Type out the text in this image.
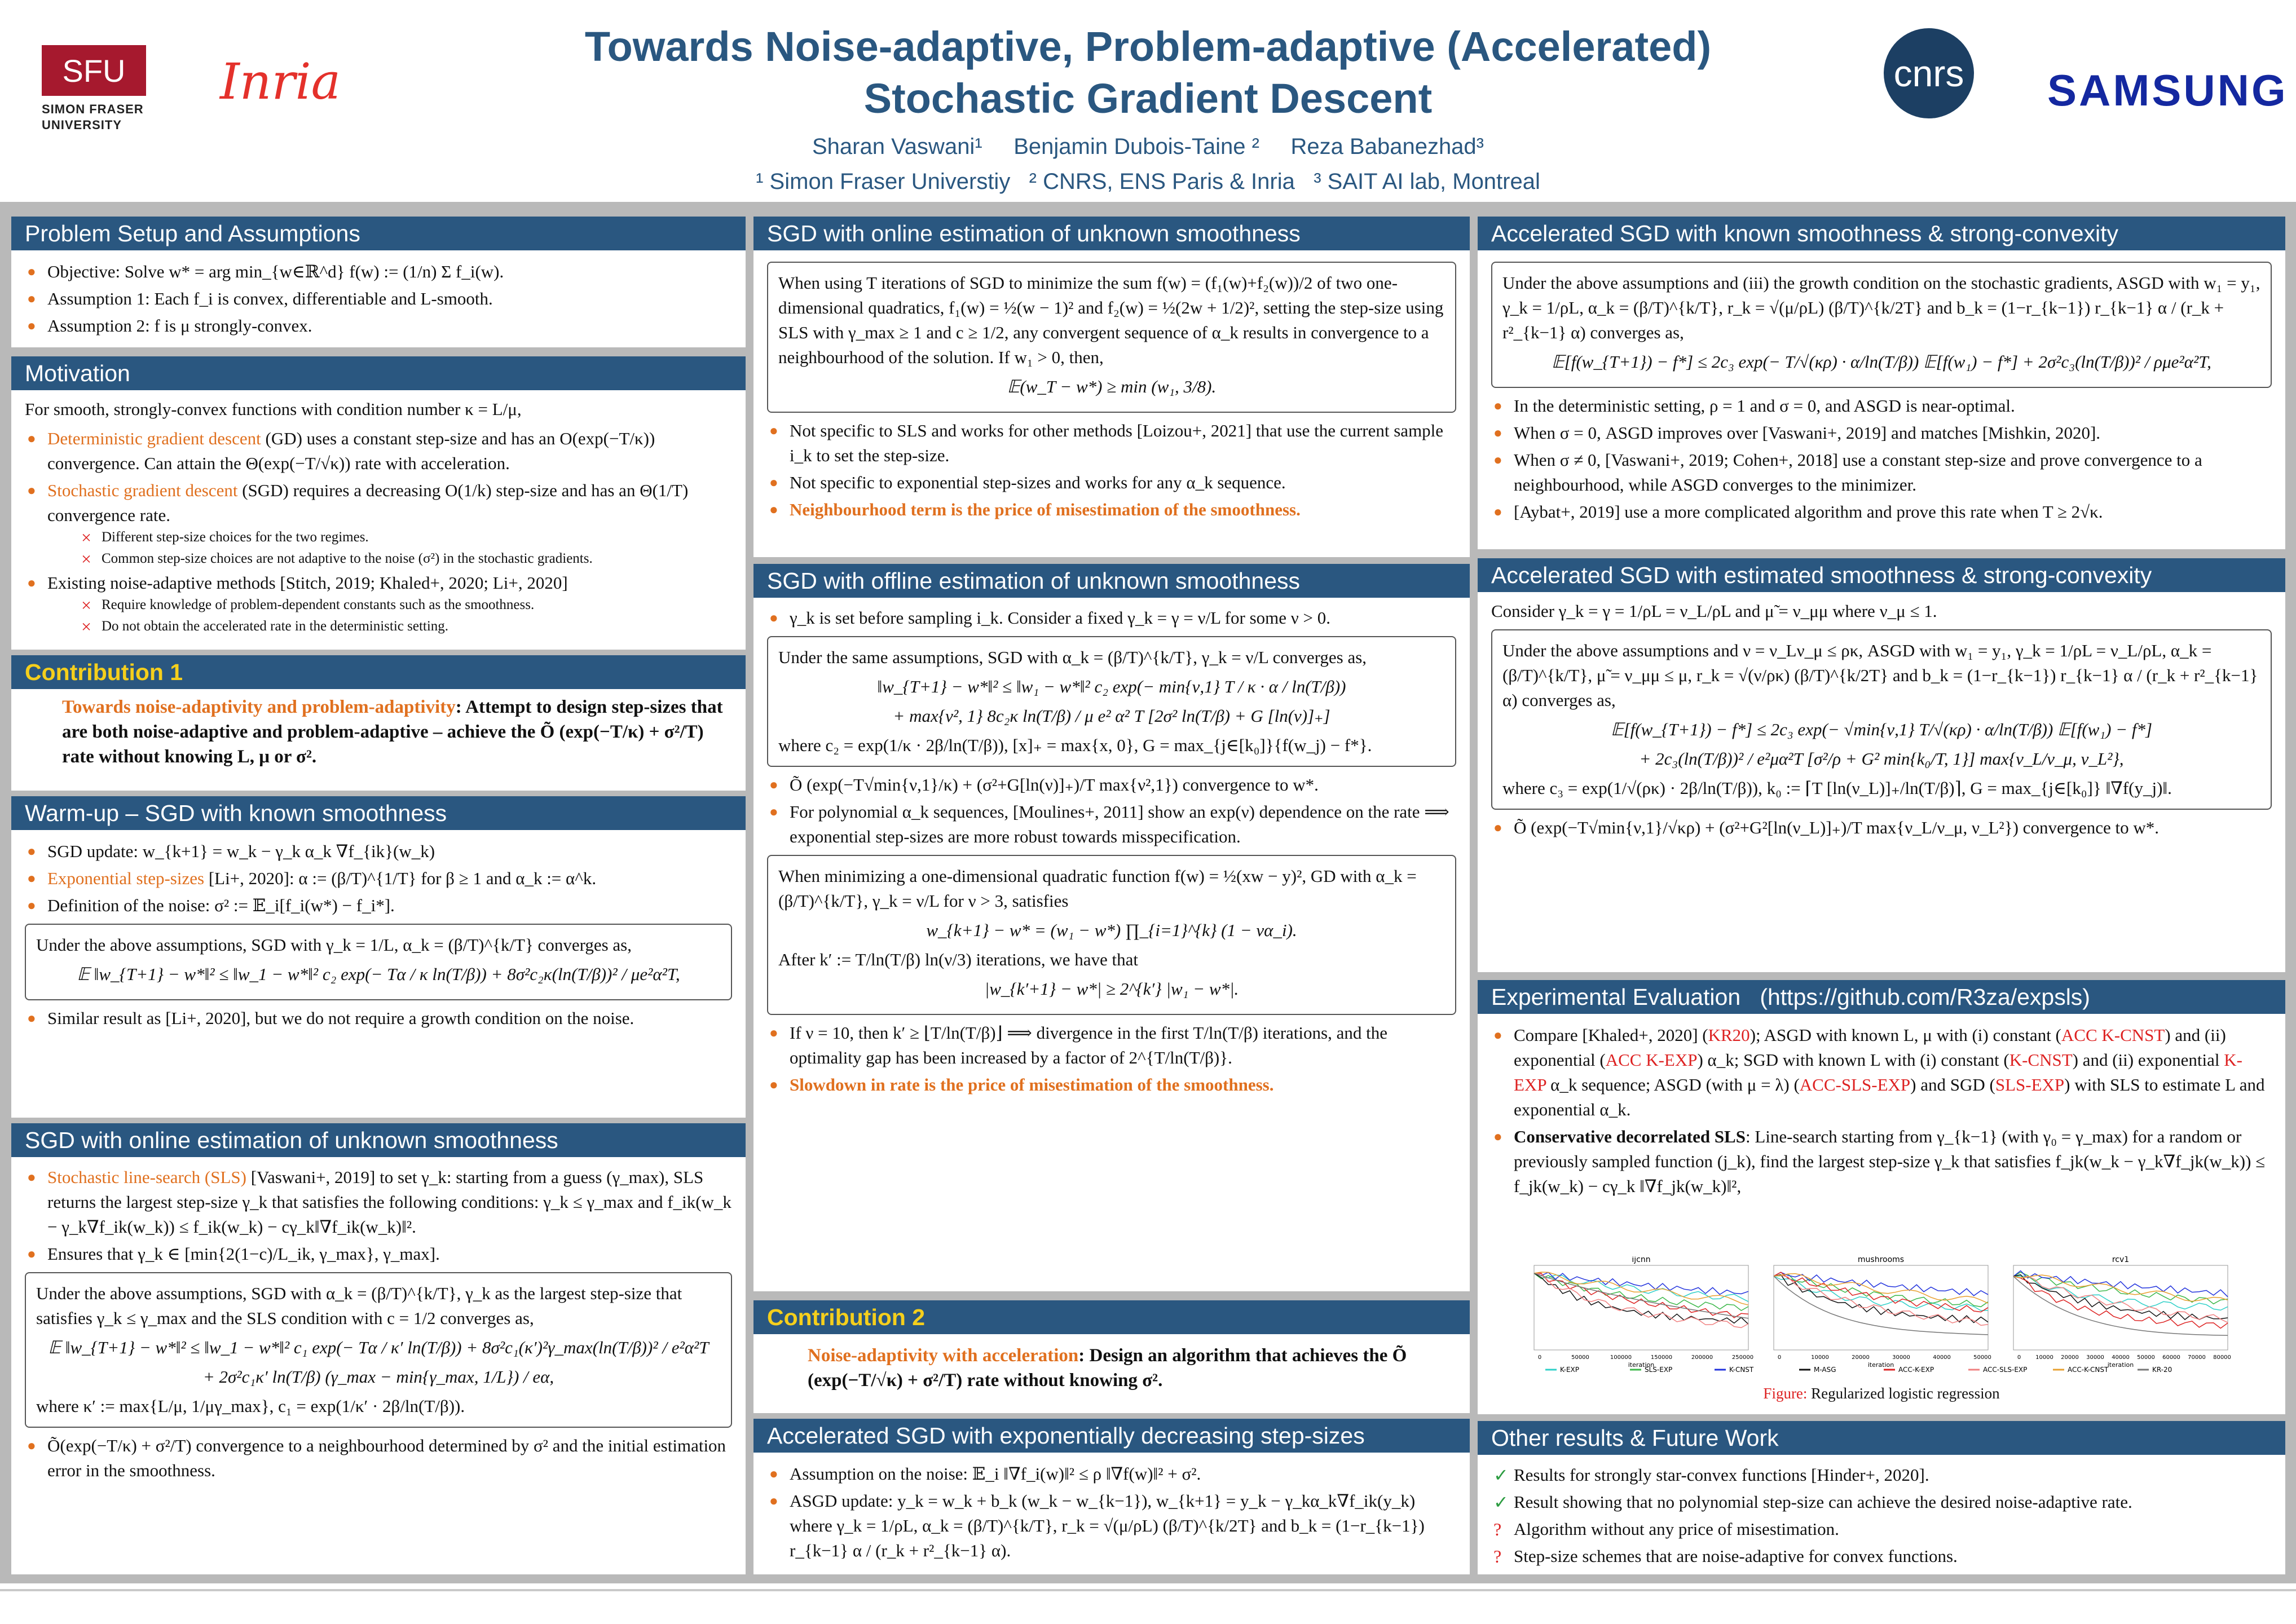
SFU
SIMON FRASER
UNIVERSITY
Inria
Towards Noise-adaptive, Problem-adaptive (Accelerated)
Stochastic Gradient Descent
Sharan Vaswani¹     Benjamin Dubois-Taine ²     Reza Babanezhad³
¹ Simon Fraser Universtiy   ² CNRS, ENS Paris & Inria   ³ SAIT AI lab, Montreal
cnrs SAMSUNG
Problem Setup and Assumptions
● Objective: Solve w* = arg min_{w∈ℝ^d} f(w) := (1/n) Σ f_i(w).
● Assumption 1: Each f_i is convex, differentiable and L-smooth.
● Assumption 2: f is μ strongly-convex.
Motivation

For smooth, strongly-convex functions with condition number κ = L/μ,

● Deterministic gradient descent (GD) uses a constant step-size and has an O(exp(−T/κ)) convergence. Can attain the Θ(exp(−T/√κ)) rate with acceleration.
● Stochastic gradient descent (SGD) requires a decreasing O(1/k) step-size and has an Θ(1/T) convergence rate.
× Different step-size choices for the two regimes.
× Common step-size choices are not adaptive to the noise (σ²) in the stochastic gradients.
● Existing noise-adaptive methods [Stitch, 2019; Khaled+, 2020; Li+, 2020]
× Require knowledge of problem-dependent constants such as the smoothness.
× Do not obtain the accelerated rate in the deterministic setting.
Contribution 1
Towards noise-adaptivity and problem-adaptivity: Attempt to design step-sizes that are both noise-adaptive and problem-adaptive – achieve the Õ (exp(−T/κ) + σ²/T) rate without knowing L, μ or σ².
Warm-up – SGD with known smoothness
● SGD update: w_{k+1} = w_k − γ_k α_k ∇f_{ik}(w_k)
● Exponential step-sizes [Li+, 2020]: α := (β/T)^{1/T} for β ≥ 1 and α_k := α^k.
● Definition of the noise: σ² := 𝔼_i[f_i(w*) − f_i*].
Under the above assumptions, SGD with γ_k = 1/L, α_k = (β/T)^{k/T} converges as,
𝔼 ‖w_{T+1} − w*‖² ≤ ‖w_1 − w*‖² c₂ exp(− Tα / κ ln(T/β)) + 8σ²c₂κ(ln(T/β))² / μe²α²T,
● Similar result as [Li+, 2020], but we do not require a growth condition on the noise.
SGD with online estimation of unknown smoothness
● Stochastic line-search (SLS) [Vaswani+, 2019] to set γ_k: starting from a guess (γ_max), SLS returns the largest step-size γ_k that satisfies the following conditions: γ_k ≤ γ_max and f_ik(w_k − γ_k∇f_ik(w_k)) ≤ f_ik(w_k) − cγ_k‖∇f_ik(w_k)‖².
● Ensures that γ_k ∈ [min{2(1−c)/L_ik, γ_max}, γ_max].
Under the above assumptions, SGD with α_k = (β/T)^{k/T}, γ_k as the largest step-size that satisfies γ_k ≤ γ_max and the SLS condition with c = 1/2 converges as,
𝔼 ‖w_{T+1} − w*‖² ≤ ‖w_1 − w*‖² c₁ exp(− Tα / κ′ ln(T/β)) + 8σ²c₁(κ′)²γ_max(ln(T/β))² / e²α²T
+ 2σ²c₁κ′ ln(T/β) (γ_max − min{γ_max, 1/L}) / eα,
where κ′ := max{L/μ, 1/μγ_max}, c₁ = exp(1/κ′ · 2β/ln(T/β)).
● Õ(exp(−T/κ) + σ²/T) convergence to a neighbourhood determined by σ² and the initial estimation error in the smoothness.
SGD with online estimation of unknown smoothness
When using T iterations of SGD to minimize the sum f(w) = (f₁(w)+f₂(w))/2 of two one-dimensional quadratics, f₁(w) = ½(w − 1)² and f₂(w) = ½(2w + 1/2)², setting the step-size using SLS with γ_max ≥ 1 and c ≥ 1/2, any convergent sequence of α_k results in convergence to a neighbourhood of the solution. If w₁ > 0, then,
𝔼(w_T − w*) ≥ min (w₁, 3/8).
● Not specific to SLS and works for other methods [Loizou+, 2021] that use the current sample i_k to set the step-size.
● Not specific to exponential step-sizes and works for any α_k sequence.
● Neighbourhood term is the price of misestimation of the smoothness.
SGD with offline estimation of unknown smoothness
● γ_k is set before sampling i_k. Consider a fixed γ_k = γ = ν/L for some ν > 0.
Under the same assumptions, SGD with α_k = (β/T)^{k/T}, γ_k = ν/L converges as,
‖w_{T+1} − w*‖² ≤ ‖w₁ − w*‖² c₂ exp(− min{ν,1} T / κ · α / ln(T/β))
+ max{ν², 1} 8c₂κ ln(T/β) / μ e² α² T [2σ² ln(T/β) + G [ln(ν)]₊]
where c₂ = exp(1/κ · 2β/ln(T/β)), [x]₊ = max{x, 0}, G = max_{j∈[k₀]}{f(w_j) − f*}.
● Õ (exp(−T√min{ν,1}/κ) + (σ²+G[ln(ν)]₊)/T max{ν²,1}) convergence to w*.
● For polynomial α_k sequences, [Moulines+, 2011] show an exp(ν) dependence on the rate ⟹ exponential step-sizes are more robust towards misspecification.
When minimizing a one-dimensional quadratic function f(w) = ½(xw − y)², GD with α_k = (β/T)^{k/T}, γ_k = ν/L for ν > 3, satisfies
w_{k+1} − w* = (w₁ − w*) ∏_{i=1}^{k} (1 − να_i).
After k′ := T/ln(T/β) ln(ν/3) iterations, we have that
|w_{k′+1} − w*| ≥ 2^{k′} |w₁ − w*|.
● If ν = 10, then k′ ≥ ⌊T/ln(T/β)⌋ ⟹ divergence in the first T/ln(T/β) iterations, and the optimality gap has been increased by a factor of 2^{T/ln(T/β)}.
● Slowdown in rate is the price of misestimation of the smoothness.
Contribution 2
Noise-adaptivity with acceleration: Design an algorithm that achieves the Õ (exp(−T/√κ) + σ²/T) rate without knowing σ².
Accelerated SGD with exponentially decreasing step-sizes
● Assumption on the noise: 𝔼_i ‖∇f_i(w)‖² ≤ ρ ‖∇f(w)‖² + σ².
● ASGD update: y_k = w_k + b_k (w_k − w_{k−1}), w_{k+1} = y_k − γ_kα_k∇f_ik(y_k) where γ_k = 1/ρL, α_k = (β/T)^{k/T}, r_k = √(μ/ρL) (β/T)^{k/2T} and b_k = (1−r_{k−1}) r_{k−1} α / (r_k + r²_{k−1} α).
Accelerated SGD with known smoothness & strong-convexity
Under the above assumptions and (iii) the growth condition on the stochastic gradients, ASGD with w₁ = y₁, γ_k = 1/ρL, α_k = (β/T)^{k/T}, r_k = √(μ/ρL) (β/T)^{k/2T} and b_k = (1−r_{k−1}) r_{k−1} α / (r_k + r²_{k−1} α) converges as,
𝔼[f(w_{T+1}) − f*] ≤ 2c₃ exp(− T/√(κρ) · α/ln(T/β)) 𝔼[f(w₁) − f*] + 2σ²c₃(ln(T/β))² / ρμe²α²T,
● In the deterministic setting, ρ = 1 and σ = 0, and ASGD is near-optimal.
● When σ = 0, ASGD improves over [Vaswani+, 2019] and matches [Mishkin, 2020].
● When σ ≠ 0, [Vaswani+, 2019; Cohen+, 2018] use a constant step-size and prove convergence to a neighbourhood, while ASGD converges to the minimizer.
● [Aybat+, 2019] use a more complicated algorithm and prove this rate when T ≥ 2√κ.
Accelerated SGD with estimated smoothness & strong-convexity

Consider γ_k = γ = 1/ρL = ν_L/ρL and μ̃ = ν_μμ where ν_μ ≤ 1.

Under the above assumptions and ν = ν_Lν_μ ≤ ρκ, ASGD with w₁ = y₁, γ_k = 1/ρL = ν_L/ρL, α_k = (β/T)^{k/T}, μ̃ = ν_μμ ≤ μ, r_k = √(ν/ρκ) (β/T)^{k/2T} and b_k = (1−r_{k−1}) r_{k−1} α / (r_k + r²_{k−1} α) converges as,
𝔼[f(w_{T+1}) − f*] ≤ 2c₃ exp(− √min{ν,1} T/√(κρ) · α/ln(T/β)) 𝔼[f(w₁) − f*]
+ 2c₃(ln(T/β))² / e²μα²T [σ²/ρ + G² min{k₀/T, 1}] max{ν_L/ν_μ, ν_L²},
where c₃ = exp(1/√(ρκ) · 2β/ln(T/β)), k₀ := ⌈T [ln(ν_L)]₊/ln(T/β)⌉, G = max_{j∈[k₀]} ‖∇f(y_j)‖.
● Õ (exp(−T√min{ν,1}/√κρ) + (σ²+G²[ln(ν_L)]₊)/T max{ν_L/ν_μ, ν_L²}) convergence to w*.
Experimental Evaluation (https://github.com/R3za/expsls)
● Compare [Khaled+, 2020] (KR20); ASGD with known L, μ with (i) constant (ACC K-CNST) and (ii) exponential (ACC K-EXP) α_k; SGD with known L with (i) constant (K-CNST) and (ii) exponential K-EXP α_k sequence; ASGD (with μ = λ) (ACC-SLS-EXP) and SGD (SLS-EXP) with SLS to estimate L and exponential α_k.
● Conservative decorrelated SLS: Line-search starting from γ_{k−1} (with γ₀ = γ_max) for a random or previously sampled function (j_k), find the largest step-size γ_k that satisfies f_jk(w_k − γ_k∇f_jk(w_k)) ≤ f_jk(w_k) − cγ_k ‖∇f_jk(w_k)‖²,
ijcnn
0	50000	100000	150000	200000	250000
iteration
mushrooms
0	10000	20000	30000	40000	50000
iteration
rcv1
0	10000 20000 30000 40000 50000 60000 70000 80000
iteration
K-EXP	SLS-EXP	K-CNST	M-ASG	ACC-K-EXP	ACC-SLS-EXP	ACC-K-CNST	KR-20
Figure: Regularized logistic regression
Other results & Future Work
✓ Results for strongly star-convex functions [Hinder+, 2020].
✓ Result showing that no polynomial step-size can achieve the desired noise-adaptive rate.
? Algorithm without any price of misestimation.
? Step-size schemes that are noise-adaptive for convex functions.
